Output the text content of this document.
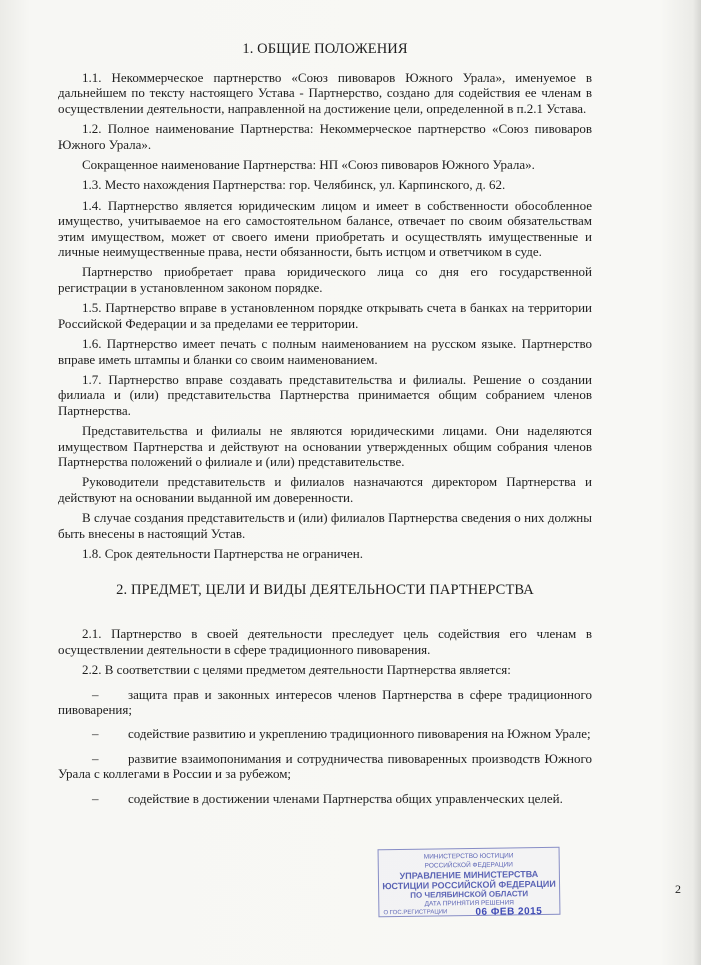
1. ОБЩИЕ ПОЛОЖЕНИЯ
1.1. Некоммерческое партнерство «Союз пивоваров Южного Урала», именуемое в дальнейшем по тексту настоящего Устава - Партнерство, создано для содействия ее членам в осуществлении деятельности, направленной на достижение цели, определенной в п.2.1 Устава.
1.2. Полное наименование Партнерства: Некоммерческое партнерство «Союз пивоваров Южного Урала».
Сокращенное наименование Партнерства: НП «Союз пивоваров Южного Урала».
1.3. Место нахождения Партнерства: гор. Челябинск, ул. Карпинского, д. 62.
1.4. Партнерство является юридическим лицом и имеет в собственности обособленное имущество, учитываемое на его самостоятельном балансе, отвечает по своим обязательствам этим имуществом, может от своего имени приобретать и осуществлять имущественные и личные неимущественные права, нести обязанности, быть истцом и ответчиком в суде.
Партнерство приобретает права юридического лица со дня его государственной регистрации в установленном законом порядке.
1.5. Партнерство вправе в установленном порядке открывать счета в банках на территории Российской Федерации и за пределами ее территории.
1.6. Партнерство имеет печать с полным наименованием на русском языке. Партнерство вправе иметь штампы и бланки со своим наименованием.
1.7. Партнерство вправе создавать представительства и филиалы. Решение о создании филиала и (или) представительства Партнерства принимается общим собранием членов Партнерства.
Представительства и филиалы не являются юридическими лицами. Они наделяются имуществом Партнерства и действуют на основании утвержденных общим собрания членов Партнерства положений о филиале и (или) представительстве.
Руководители представительств и филиалов назначаются директором Партнерства и действуют на основании выданной им доверенности.
В случае создания представительств и (или) филиалов Партнерства сведения о них должны быть внесены в настоящий Устав.
1.8. Срок деятельности Партнерства не ограничен.
2. ПРЕДМЕТ, ЦЕЛИ И ВИДЫ ДЕЯТЕЛЬНОСТИ ПАРТНЕРСТВА
2.1. Партнерство в своей деятельности преследует цель содействия его членам в осуществлении деятельности в сфере традиционного пивоварения.
2.2. В соответствии с целями предметом деятельности Партнерства является:
– защита прав и законных интересов членов Партнерства в сфере традиционного пивоварения;
– содействие развитию и укреплению традиционного пивоварения на Южном Урале;
– развитие взаимопонимания и сотрудничества пивоваренных производств Южного Урала с коллегами в России и за рубежом;
– содействие в достижении членами Партнерства общих управленческих целей.
2
МИНИСТЕРСТВО ЮСТИЦИИ
РОССИЙСКОЙ ФЕДЕРАЦИИ
УПРАВЛЕНИЕ МИНИСТЕРСТВА
ЮСТИЦИИ РОССИЙСКОЙ ФЕДЕРАЦИИ
ПО ЧЕЛЯБИНСКОЙ ОБЛАСТИ
ДАТА ПРИНЯТИЯ РЕШЕНИЯ
О ГОС.РЕГИСТРАЦИИ	06 ФЕВ 2015
